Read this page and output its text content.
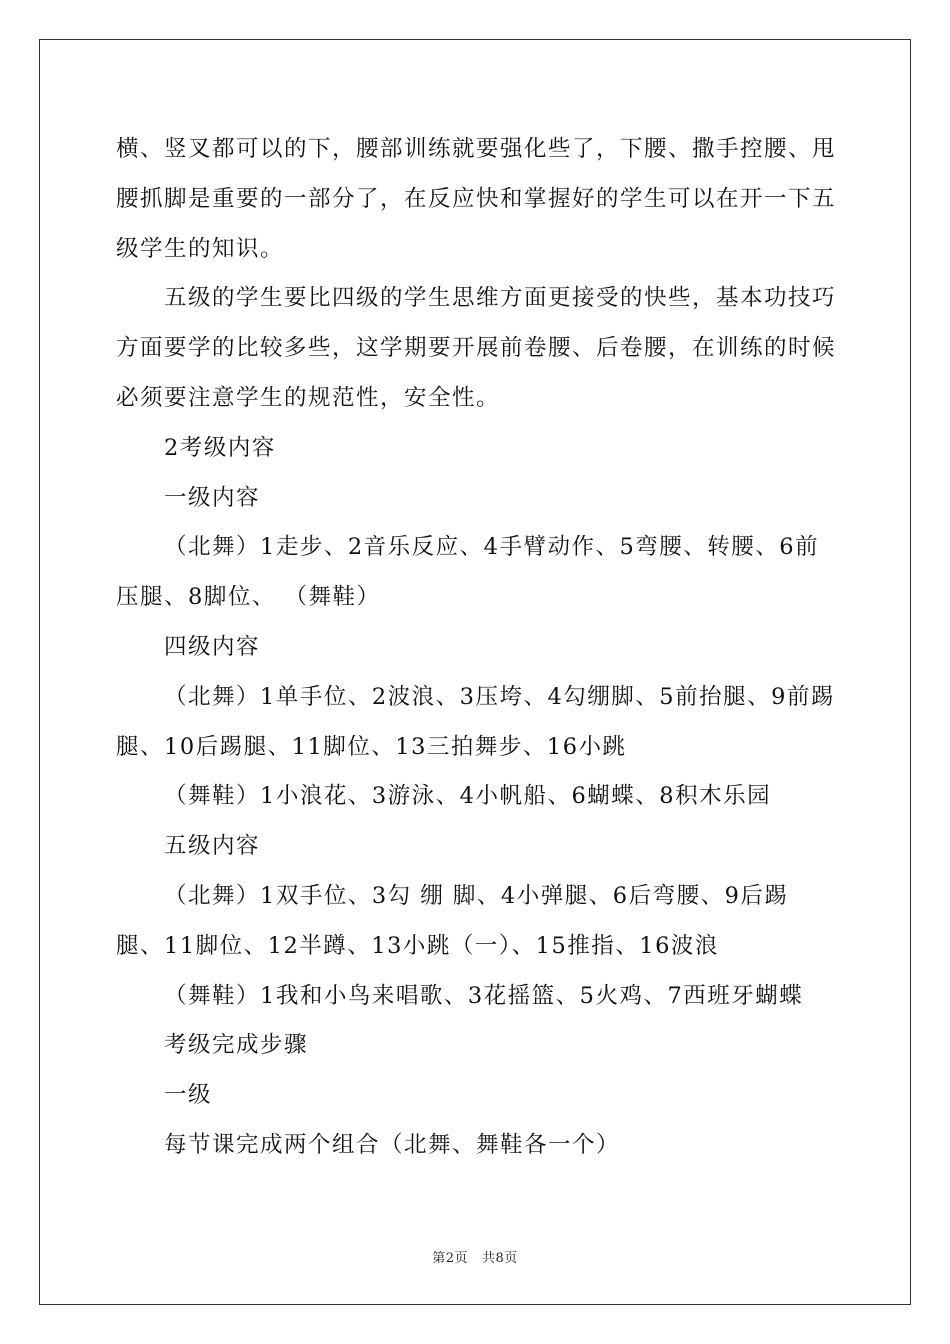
横、竖叉都可以的下，腰部训练就要强化些了，下腰、撒手控腰、甩腰抓脚是重要的一部分了，在反应快和掌握好的学生可以在开一下五级学生的知识。

五级的学生要比四级的学生思维方面更接受的快些，基本功技巧方面要学的比较多些，这学期要开展前卷腰、后卷腰，在训练的时候必须要注意学生的规范性，安全性。

2考级内容

一级内容

（北舞）1走步、2音乐反应、4手臂动作、5弯腰、转腰、6前压腿、8脚位、 （舞鞋）

四级内容

（北舞）1单手位、2波浪、3压垮、4勾绷脚、5前抬腿、9前踢腿、10后踢腿、11脚位、13三拍舞步、16小跳

（舞鞋）1小浪花、3游泳、4小帆船、6蝴蝶、8积木乐园

五级内容

（北舞）1双手位、3勾 绷 脚、4小弹腿、6后弯腰、9后踢腿、11脚位、12半蹲、13小跳（一）、15推指、16波浪

（舞鞋）1我和小鸟来唱歌、3花摇篮、5火鸡、7西班牙蝴蝶

考级完成步骤

一级

每节课完成两个组合（北舞、舞鞋各一个）

第2页 共8页
